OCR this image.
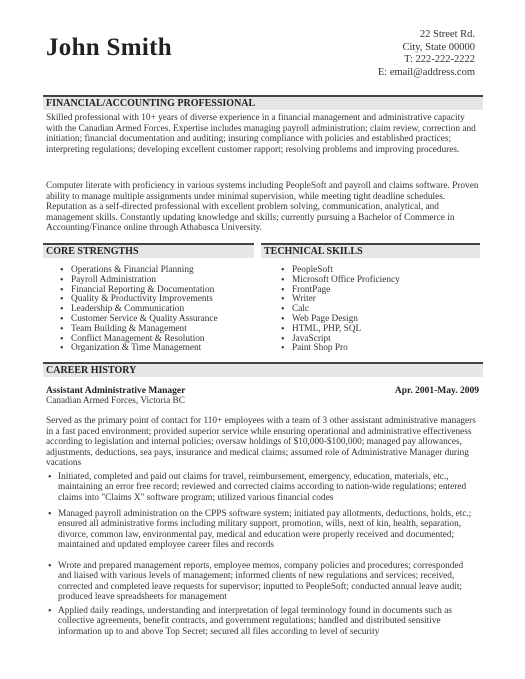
John Smith	22 Street Rd.
City, State 00000
T: 222-222-2222
E: email@address.com
FINANCIAL/ACCOUNTING PROFESSIONAL
Skilled professional with 10+ years of diverse experience in a financial management and administrative capacity with the Canadian Armed Forces. Expertise includes managing payroll administration; claim review, correction and initiation; financial documentation and auditing; insuring compliance with policies and established practices; interpreting regulations; developing excellent customer rapport; resolving problems and improving procedures.
Computer literate with proficiency in various systems including PeopleSoft and payroll and claims software. Proven ability to manage multiple assignments under minimal supervision, while meeting tight deadline schedules. Reputation as a self-directed professional with excellent problem solving, communication, analytical, and management skills. Constantly updating knowledge and skills; currently pursuing a Bachelor of Commerce in Accounting/Finance online through Athabasca University.
CORE STRENGTHS	TECHNICAL SKILLS
• Operations & Financial Planning
• Payroll Administration
• Financial Reporting & Documentation
• Quality & Productivity Improvements
• Leadership & Communication
• Customer Service & Quality Assurance
• Team Building & Management
• Conflict Management & Resolution
• Organization & Time Management
• PeopleSoft
• Microsoft Office Proficiency
• FrontPage
• Writer
• Calc
• Web Page Design
• HTML, PHP, SQL
• JavaScript
• Paint Shop Pro
CAREER HISTORY
Assistant Administrative Manager	Apr. 2001-May. 2009
Canadian Armed Forces, Victoria BC
Served as the primary point of contact for 110+ employees with a team of 3 other assistant administrative managers in a fast paced environment; provided superior service while ensuring operational and administrative effectiveness according to legislation and internal policies; oversaw holdings of $10,000-$100,000; managed pay allowances, adjustments, deductions, sea pays, insurance and medical claims; assumed role of Administrative Manager during vacations
• Initiated, completed and paid out claims for travel, reimbursement, emergency, education, materials, etc., maintaining an error free record; reviewed and corrected claims according to nation-wide regulations; entered claims into "Claims X" software program; utilized various financial codes
• Managed payroll administration on the CPPS software system; initiated pay allotments, deductions, holds, etc.; ensured all administrative forms including military support, promotion, wills, next of kin, health, separation, divorce, common law, environmental pay, medical and education were properly received and documented; maintained and updated employee career files and records
• Wrote and prepared management reports, employee memos, company policies and procedures; corresponded and liaised with various levels of management; informed clients of new regulations and services; received, corrected and completed leave requests for supervisor; inputted to PeopleSoft; conducted annual leave audit; produced leave spreadsheets for management
• Applied daily readings, understanding and interpretation of legal terminology found in documents such as collective agreements, benefit contracts, and government regulations; handled and distributed sensitive information up to and above Top Secret; secured all files according to level of security
